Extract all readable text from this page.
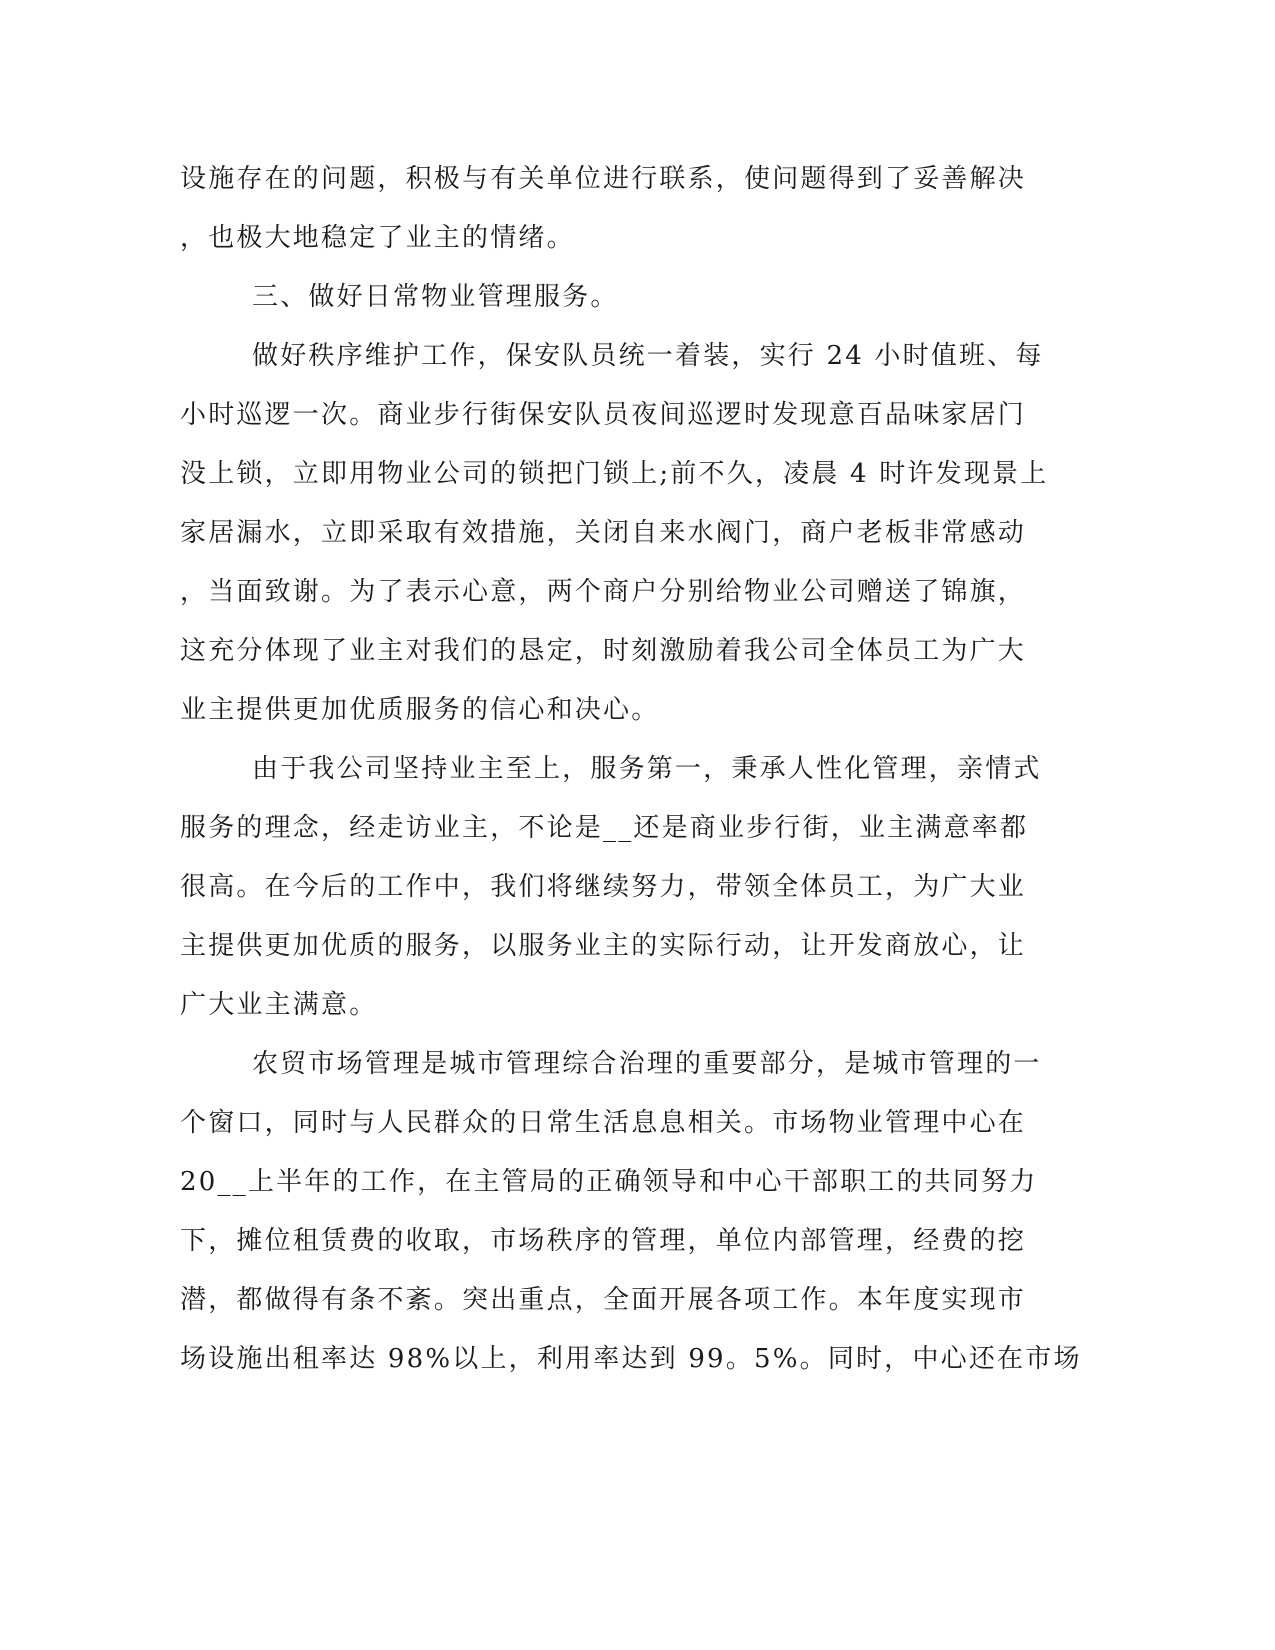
设施存在的问题，积极与有关单位进行联系，使问题得到了妥善解决
，也极大地稳定了业主的情绪。
三、做好日常物业管理服务。
做好秩序维护工作，保安队员统一着装，实行 24 小时值班、每
小时巡逻一次。商业步行街保安队员夜间巡逻时发现意百品味家居门
没上锁，立即用物业公司的锁把门锁上;前不久，凌晨 4 时许发现景上
家居漏水，立即采取有效措施，关闭自来水阀门，商户老板非常感动
，当面致谢。为了表示心意，两个商户分别给物业公司赠送了锦旗，
这充分体现了业主对我们的恳定，时刻激励着我公司全体员工为广大
业主提供更加优质服务的信心和决心。
由于我公司坚持业主至上，服务第一，秉承人性化管理，亲情式
服务的理念，经走访业主，不论是__还是商业步行街，业主满意率都
很高。在今后的工作中，我们将继续努力，带领全体员工，为广大业
主提供更加优质的服务，以服务业主的实际行动，让开发商放心，让
广大业主满意。
农贸市场管理是城市管理综合治理的重要部分，是城市管理的一
个窗口，同时与人民群众的日常生活息息相关。市场物业管理中心在
20__上半年的工作，在主管局的正确领导和中心干部职工的共同努力
下，摊位租赁费的收取，市场秩序的管理，单位内部管理，经费的挖
潜，都做得有条不紊。突出重点，全面开展各项工作。本年度实现市
场设施出租率达 98%以上，利用率达到 99。5%。同时，中心还在市场
